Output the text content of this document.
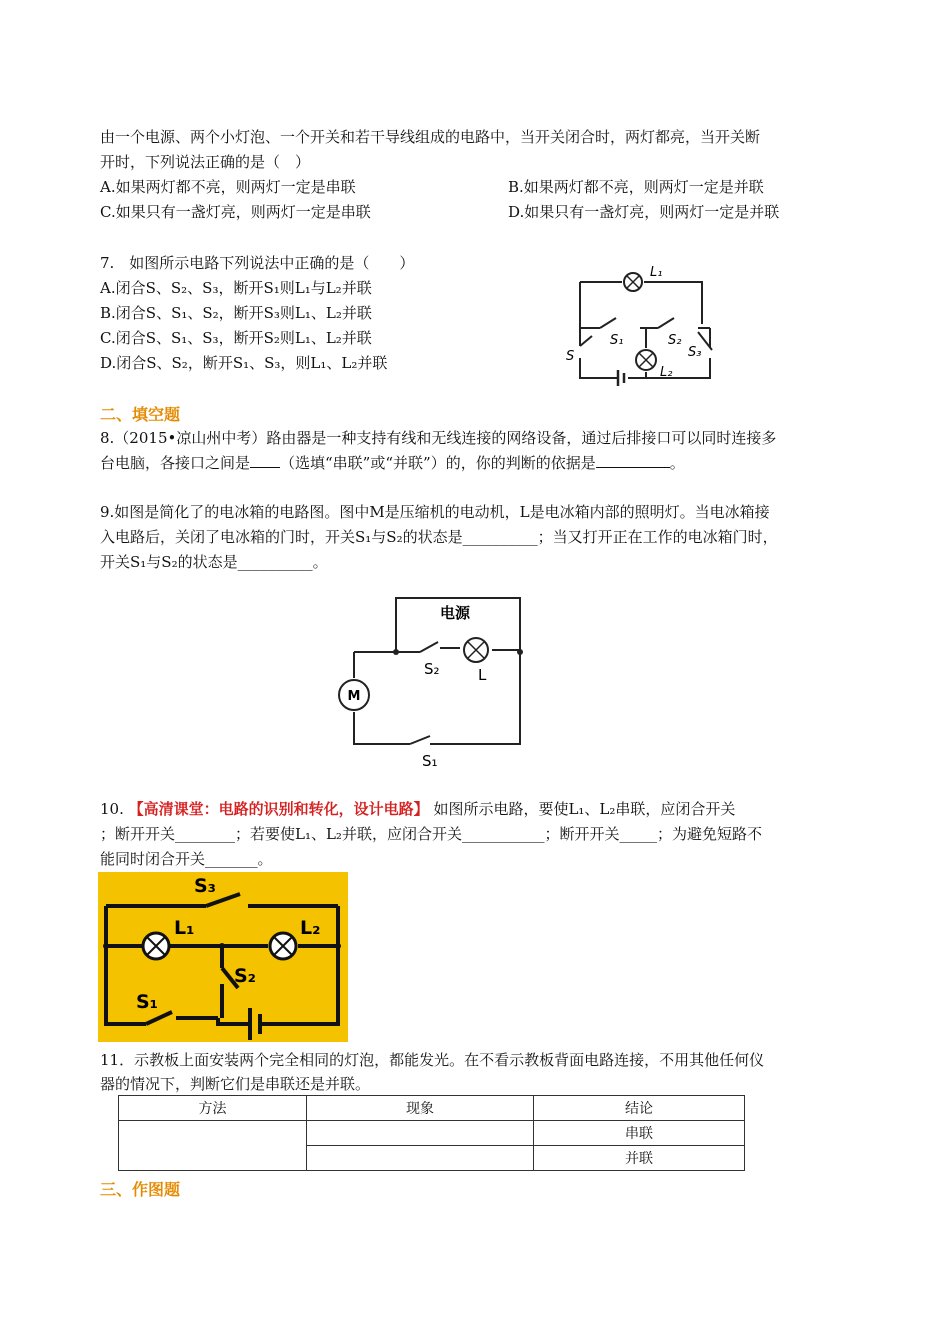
由一个电源、两个小灯泡、一个开关和若干导线组成的电路中，当开关闭合时，两灯都亮，当开关断
开时，下列说法正确的是（　）
A.如果两灯都不亮，则两灯一定是串联	B.如果两灯都不亮，则两灯一定是并联
C.如果只有一盏灯亮，则两灯一定是串联	D.如果只有一盏灯亮，则两灯一定是并联
7.　如图所示电路下列说法中正确的是（　　）
A.闭合S、S₂、S₃，断开S₁则L₁与L₂并联
B.闭合S、S₁、S₂，断开S₃则L₁、L₂并联
C.闭合S、S₁、S₃，断开S₂则L₁、L₂并联
D.闭合S、S₂，断开S₁、S₃，则L₁、L₂并联
L₁
L₂
S
S₁	S₂
S₃
二、填空题
8.（2015•凉山州中考）路由器是一种支持有线和无线连接的网络设备，通过后排接口可以同时连接多
台电脑，各接口之间是 （选填“串联”或“并联”）的，你的判断的依据是	。
9.如图是简化了的电冰箱的电路图。图中M是压缩机的电动机，L是电冰箱内部的照明灯。当电冰箱接
入电路后，关闭了电冰箱的门时，开关S₁与S₂的状态是__________；当又打开正在工作的电冰箱门时，
开关S₁与S₂的状态是__________。
M
电源
S₂	L
S₁
10. 【高清课堂：电路的识别和转化，设计电路】 如图所示电路，要使L₁、L₂串联，应闭合开关
；断开开关________；若要使L₁、L₂并联，应闭合开关___________；断开开关_____；为避免短路不
能同时闭合开关_______。
S₃
L₁	L₂
S₂
S₁
11．示教板上面安装两个完全相同的灯泡，都能发光。在不看示教板背面电路连接，不用其他任何仪
器的情况下，判断它们是串联还是并联。
方法	现象	结论
		串联
		并联
三、作图题
